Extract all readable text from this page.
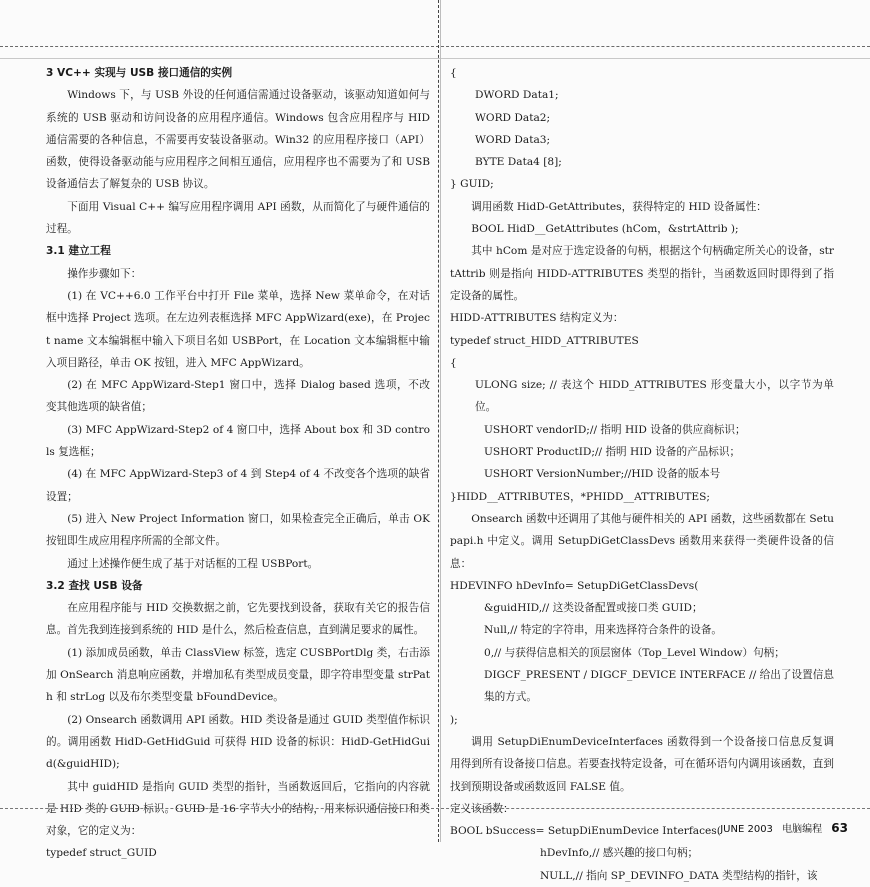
3 VC++ 实现与 USB 接口通信的实例

Windows 下，与 USB 外设的任何通信需通过设备驱动，该驱动知道如何与系统的 USB 驱动和访问设备的应用程序通信。Windows 包含应用程序与 HID 通信需要的各种信息，不需要再安装设备驱动。Win32 的应用程序接口（API）函数，使得设备驱动能与应用程序之间相互通信，应用程序也不需要为了和 USB 设备通信去了解复杂的 USB 协议。

下面用 Visual C++ 编写应用程序调用 API 函数，从而简化了与硬件通信的过程。

3.1 建立工程

操作步骤如下：

(1) 在 VC++6.0 工作平台中打开 File 菜单，选择 New 菜单命令，在对话框中选择 Project 选项。在左边列表框选择 MFC AppWizard(exe)，在 Project name 文本编辑框中输入下项目名如 USBPort，在 Location 文本编辑框中输入项目路径，单击 OK 按钮，进入 MFC AppWizard。

(2) 在 MFC AppWizard-Step1 窗口中，选择 Dialog based 选项，不改变其他选项的缺省值；

(3) MFC AppWizard-Step2 of 4 窗口中，选择 About box 和 3D controls 复选框；

(4) 在 MFC AppWizard-Step3 of 4 到 Step4 of 4 不改变各个选项的缺省设置；

(5) 进入 New Project Information 窗口，如果检查完全正确后，单击 OK 按钮即生成应用程序所需的全部文件。

通过上述操作便生成了基于对话框的工程 USBPort。

3.2 查找 USB 设备

在应用程序能与 HID 交换数据之前，它先要找到设备，获取有关它的报告信息。首先我到连接到系统的 HID 是什么，然后检查信息，直到满足要求的属性。

(1) 添加成员函数，单击 ClassView 标签，选定 CUSBPortDlg 类，右击添加 OnSearch 消息响应函数，并增加私有类型成员变量，即字符串型变量 strPath 和 strLog 以及布尔类型变量 bFoundDevice。

(2) Onsearch 函数调用 API 函数。HID 类设备是通过 GUID 类型值作标识的。调用函数 HidD-GetHidGuid 可获得 HID 设备的标识：HidD-GetHidGuid(&guidHID);

其中 guidHID 是指向 GUID 类型的指针，当函数返回后，它指向的内容就是 HID 类的 GUID 标识。GUID 是 16 字节大小的结构，用来标识通信接口和类对象，它的定义为：

typedef struct_GUID

{

DWORD Data1;

WORD Data2;

WORD Data3;

BYTE Data4 [8];

} GUID;

调用函数 HidD-GetAttributes，获得特定的 HID 设备属性：

BOOL HidD__GetAttributes (hCom，&strtAttrib );

其中 hCom 是对应于选定设备的句柄，根据这个句柄确定所关心的设备，strtAttrib 则是指向 HIDD-ATTRIBUTES 类型的指针，当函数返回时即得到了指定设备的属性。

HIDD-ATTRIBUTES 结构定义为：

typedef struct_HIDD_ATTRIBUTES

{

ULONG size; // 表这个 HIDD_ATTRIBUTES 形变量大小，以字节为单位。

USHORT vendorID;// 指明 HID 设备的供应商标识；

USHORT ProductID;// 指明 HID 设备的产品标识；

USHORT VersionNumber;//HID 设备的版本号

}HIDD__ATTRIBUTES，*PHIDD__ATTRIBUTES;

Onsearch 函数中还调用了其他与硬件相关的 API 函数，这些函数都在 Setupapi.h 中定义。调用 SetupDiGetClassDevs 函数用来获得一类硬件设备的信息：

HDEVINFO hDevInfo= SetupDiGetClassDevs(

&guidHID,// 这类设备配置或接口类 GUID；

Null,// 特定的字符串，用来选择符合条件的设备。

0,// 与获得信息相关的顶层窗体（Top_Level Window）句柄；

DIGCF_PRESENT / DIGCF_DEVICE INTERFACE // 给出了设置信息集的方式。

);

调用 SetupDiEnumDeviceInterfaces 函数得到一个设备接口信息反复调用得到所有设备接口信息。若要查找特定设备，可在循环语句内调用该函数，直到找到预期设备或函数返回 FALSE 值。

定义该函数：

BOOL bSuccess= SetupDiEnumDevice Interfaces(

hDevInfo,// 感兴趣的接口句柄；

NULL,// 指向 SP_DEVINFO_DATA 类型结构的指针，该

JUNE 2003 电脑编程 63
